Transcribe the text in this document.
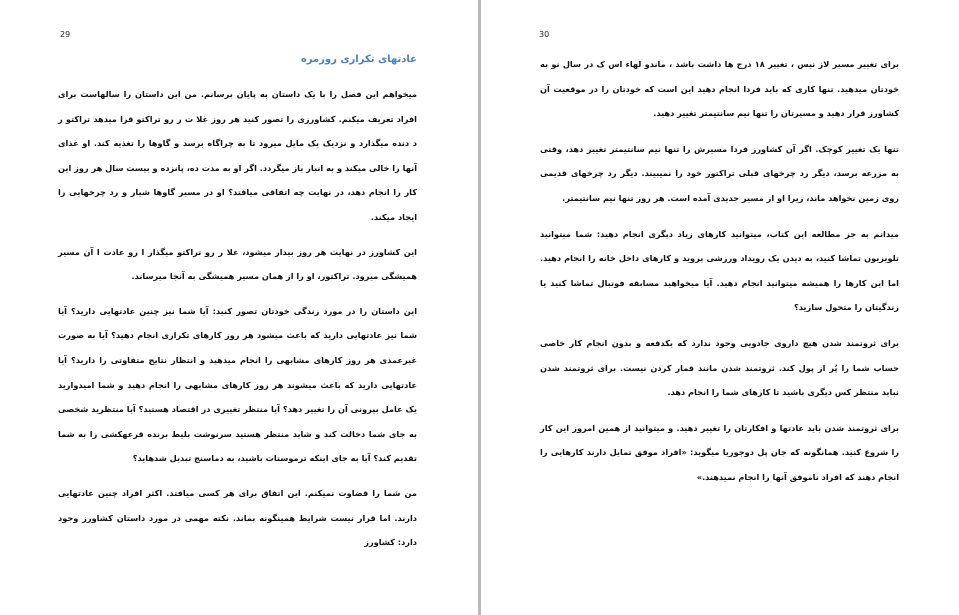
29
عادتهای تکراری روزمره

میخواهم این فصل را با یک داستان به پایان برسانم. من این داستان را سالهاست برای افراد تعریف میکنم. کشاورزی را تصور کنید هر روز غلا ت ر رو تراکتو قرا میدهد تراکتو ر د دنده میگذارد و نزدیک یک مایل میرود تا به چراگاه برسد و گاوها را تغذیه کند. او غذای آنها را خالی میکند و به انبار باز میگردد. اگر او به مدت ده، پانزده و بیست سال هر روز این کار را انجام دهد، در نهایت چه اتفاقی میافتد؟ او در مسیر گاوها شیار و رد چرخهایی را ایجاد میکند.

این کشاورز در نهایت هر روز بیدار میشود، غلا ر رو تراکتو میگذار ا رو عادت ا آن مسیر همیشگی میرود. تراکتور، او را از همان مسیر همیشگی به آنجا میرساند.

این داستان را در مورد زندگی خودتان تصور کنید: آیا شما نیز چنین عادتهایی دارید؟ آیا شما نیز عادتهایی دارید که باعث میشود هر روز کارهای تکراری انجام دهید؟ آیا به صورت غیرعمدی هر روز کارهای مشابهی را انجام میدهید و انتظار نتایج متفاوتی را دارید؟ آیا عادتهایی دارید که باعث میشوند هر روز کارهای مشابهی را انجام دهید و شما امیدوارید یک عامل بیرونی آن را تغییر دهد؟ آیا منتظر تغییری در اقتصاد هستید؟ آیا منتظرید شخصی به جای شما دخالت کند و شاید منتظر هستید سرنوشت بلیط برنده قرعهکشی را به شما تقدیم کند؟ آیا به جای اینکه ترموستات باشید، به دماسنج تبدیل شدهاید؟

من شما را قضاوت نمیکنم. این اتفاق برای هر کسی میافتد. اکثر افراد چنین عادتهایی دارند. اما قرار نیست شرایط همینگونه بماند. نکته مهمی در مورد داستان کشاورز وجود دارد: کشاورز

30

برای تغییر مسیر لاز نیس ، تغییر ۱۸ درج ها داشت باشد ، ماندو لهاء اس ک در سال نو به خودتان میدهید. تنها کاری که باید فردا انجام دهید این است که خودتان را در موقعیت آن کشاورز قرار دهید و مسیرتان را تنها نیم سانتیمتر تغییر دهید.

تنها یک تغییر کوچک. اگر آن کشاورز فردا مسیرش را تنها نیم سانتیمتر تغییر دهد، وقتی به مزرعه برسد، دیگر رد چرخهای قبلی تراکتور خود را نمیبیند. دیگر رد چرخهای قدیمی روی زمین نخواهد ماند، زیرا او از مسیر جدیدی آمده است. هر روز تنها نیم سانتیمتر.

میدانم به جز مطالعه این کتاب، میتوانید کارهای زیاد دیگری انجام دهید: شما میتوانید تلویزیون تماشا کنید، به دیدن یک رویداد ورزشی بروید و کارهای داخل خانه را انجام دهید. اما این کارها را همیشه میتوانید انجام دهید. آیا میخواهید مسابقه فوتبال تماشا کنید یا زندگیتان را متحول سازید؟

برای ثروتمند شدن هیچ داروی جادویی وجود ندارد که یکدفعه و بدون انجام کار خاصی حساب شما را پُر از پول کند. ثروتمند شدن مانند قمار کردن نیست. برای ثروتمند شدن نباید منتظر کس دیگری باشید تا کارهای شما را انجام دهد.

برای ثروتمند شدن باید عادتها و افکارتان را تغییر دهید. و میتوانید از همین امروز این کار را شروع کنید. همانگونه که جان پل دوجوریا میگوید: «افراد موفق تمایل دارند کارهایی را انجام دهند که افراد ناموفق آنها را انجام نمیدهند.»
